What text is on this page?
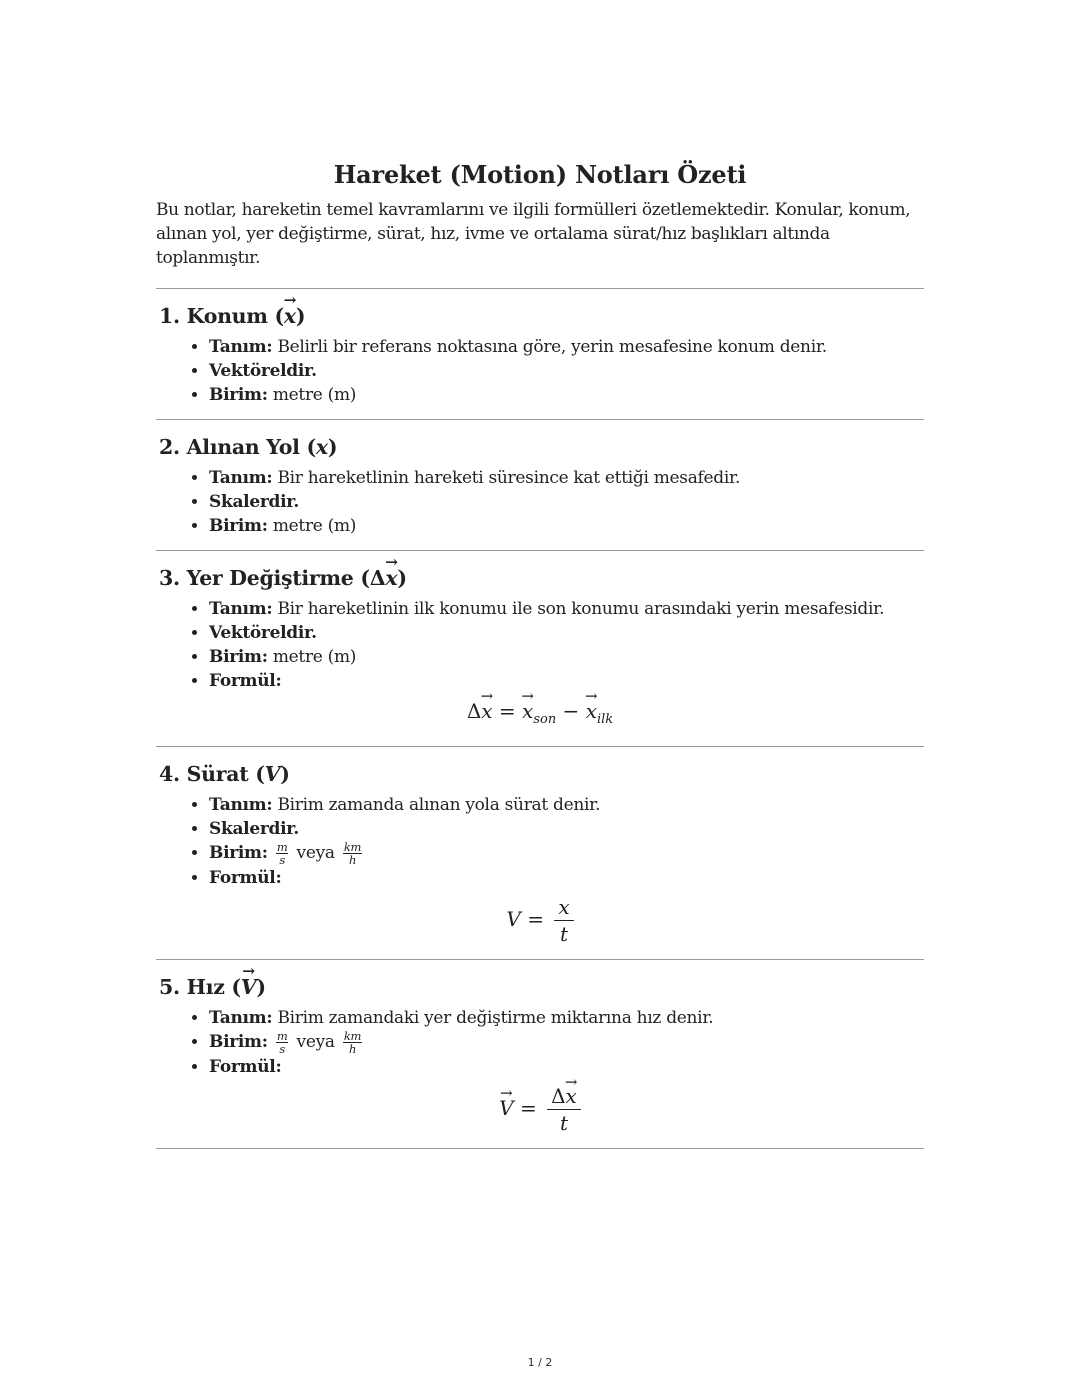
Hareket (Motion) Notları Özeti

Bu notlar, hareketin temel kavramlarını ve ilgili formülleri özetlemektedir. Konular, konum, alınan yol, yer değiştirme, sürat, hız, ivme ve ortalama sürat/hız başlıkları altında toplanmıştır.

1. Konum (→ x)
• Tanım: Belirli bir referans noktasına göre, yerin mesafesine konum denir.
• Vektöreldir.
• Birim: metre (m)
2. Alınan Yol (x)
• Tanım: Bir hareketlinin hareketi süresince kat ettiği mesafedir.
• Skalerdir.
• Birim: metre (m)
3. Yer Değiştirme (Δ→ x)
• Tanım: Bir hareketlinin ilk konumu ile son konumu arasındaki yerin mesafesidir.
• Vektöreldir.
• Birim: metre (m)
• Formül:
Δ→ x = → $x_{son}$ − → $x_{ilk}$
4. Sürat (V)
• Tanım: Birim zamanda alınan yola sürat denir.
• Skalerdir.
• Birim: $\frac{m}{s}$ veya $\frac{km}{h}$
• Formül:
$V = \frac{x}{t}$
5. Hız (→ V)
• Tanım: Birim zamandaki yer değiştirme miktarına hız denir.
• Birim: $\frac{m}{s}$ veya $\frac{km}{h}$
• Formül:
→ $V = \frac{\Delta\to x}{t}$
1 / 2
